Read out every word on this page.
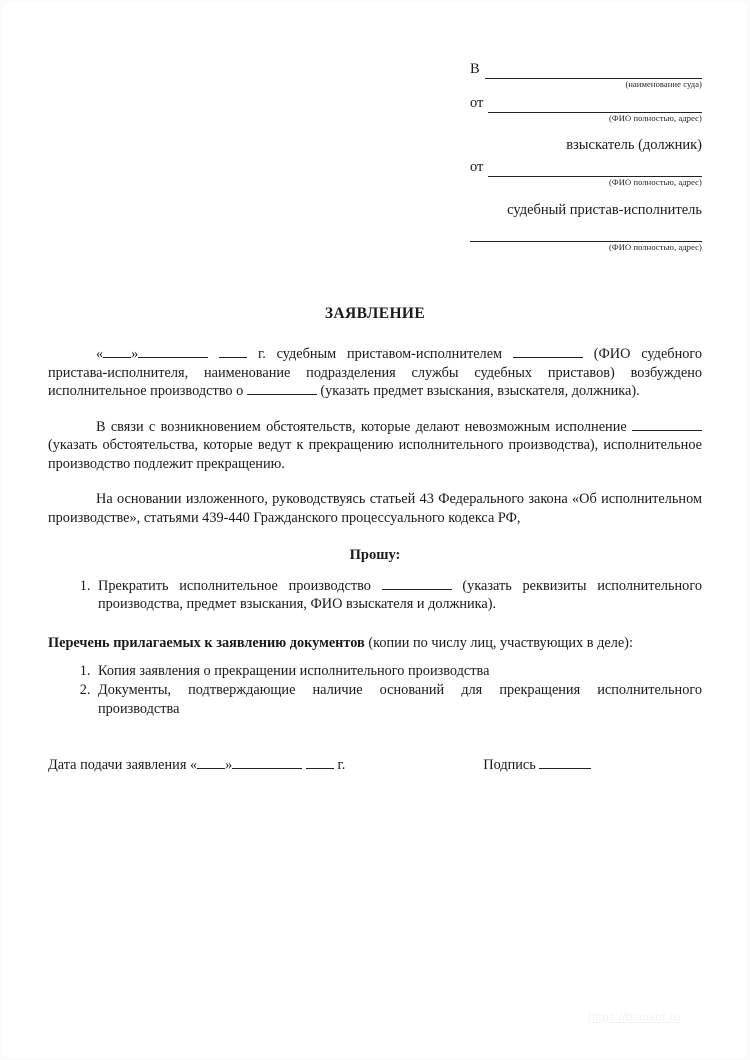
В
(наименование суда)
от
(ФИО полностью, адрес)
взыскатель (должник)
от
(ФИО полностью, адрес)
судебный пристав-исполнитель
(ФИО полностью, адрес)
ЗАЯВЛЕНИЕ

« »	г. судебным приставом-исполнителем	(ФИО судебного пристава-исполнителя, наименование подразделения службы судебных приставов) возбуждено исполнительное производство о	(указать предмет взыскания, взыскателя, должника).

В связи с возникновением обстоятельств, которые делают невозможным исполнение  (указать обстоятельства, которые ведут к прекращению исполнительного производства), исполнительное производство подлежит прекращению.

На основании изложенного, руководствуясь статьей 43 Федерального закона «Об исполнительном производстве», статьями 439-440 Гражданского процессуального кодекса РФ,

Прошу:
1. Прекратить исполнительное производство	(указать реквизиты исполнительного производства, предмет взыскания, ФИО взыскателя и должника).
Перечень прилагаемых к заявлению документов (копии по числу лиц, участвующих в деле):
1. Копия заявления о прекращении исполнительного производства
2. Документы, подтверждающие наличие оснований для прекращения исполнительного производства
Дата подачи заявления « »	г.	Подпись
https://blankof.ru
